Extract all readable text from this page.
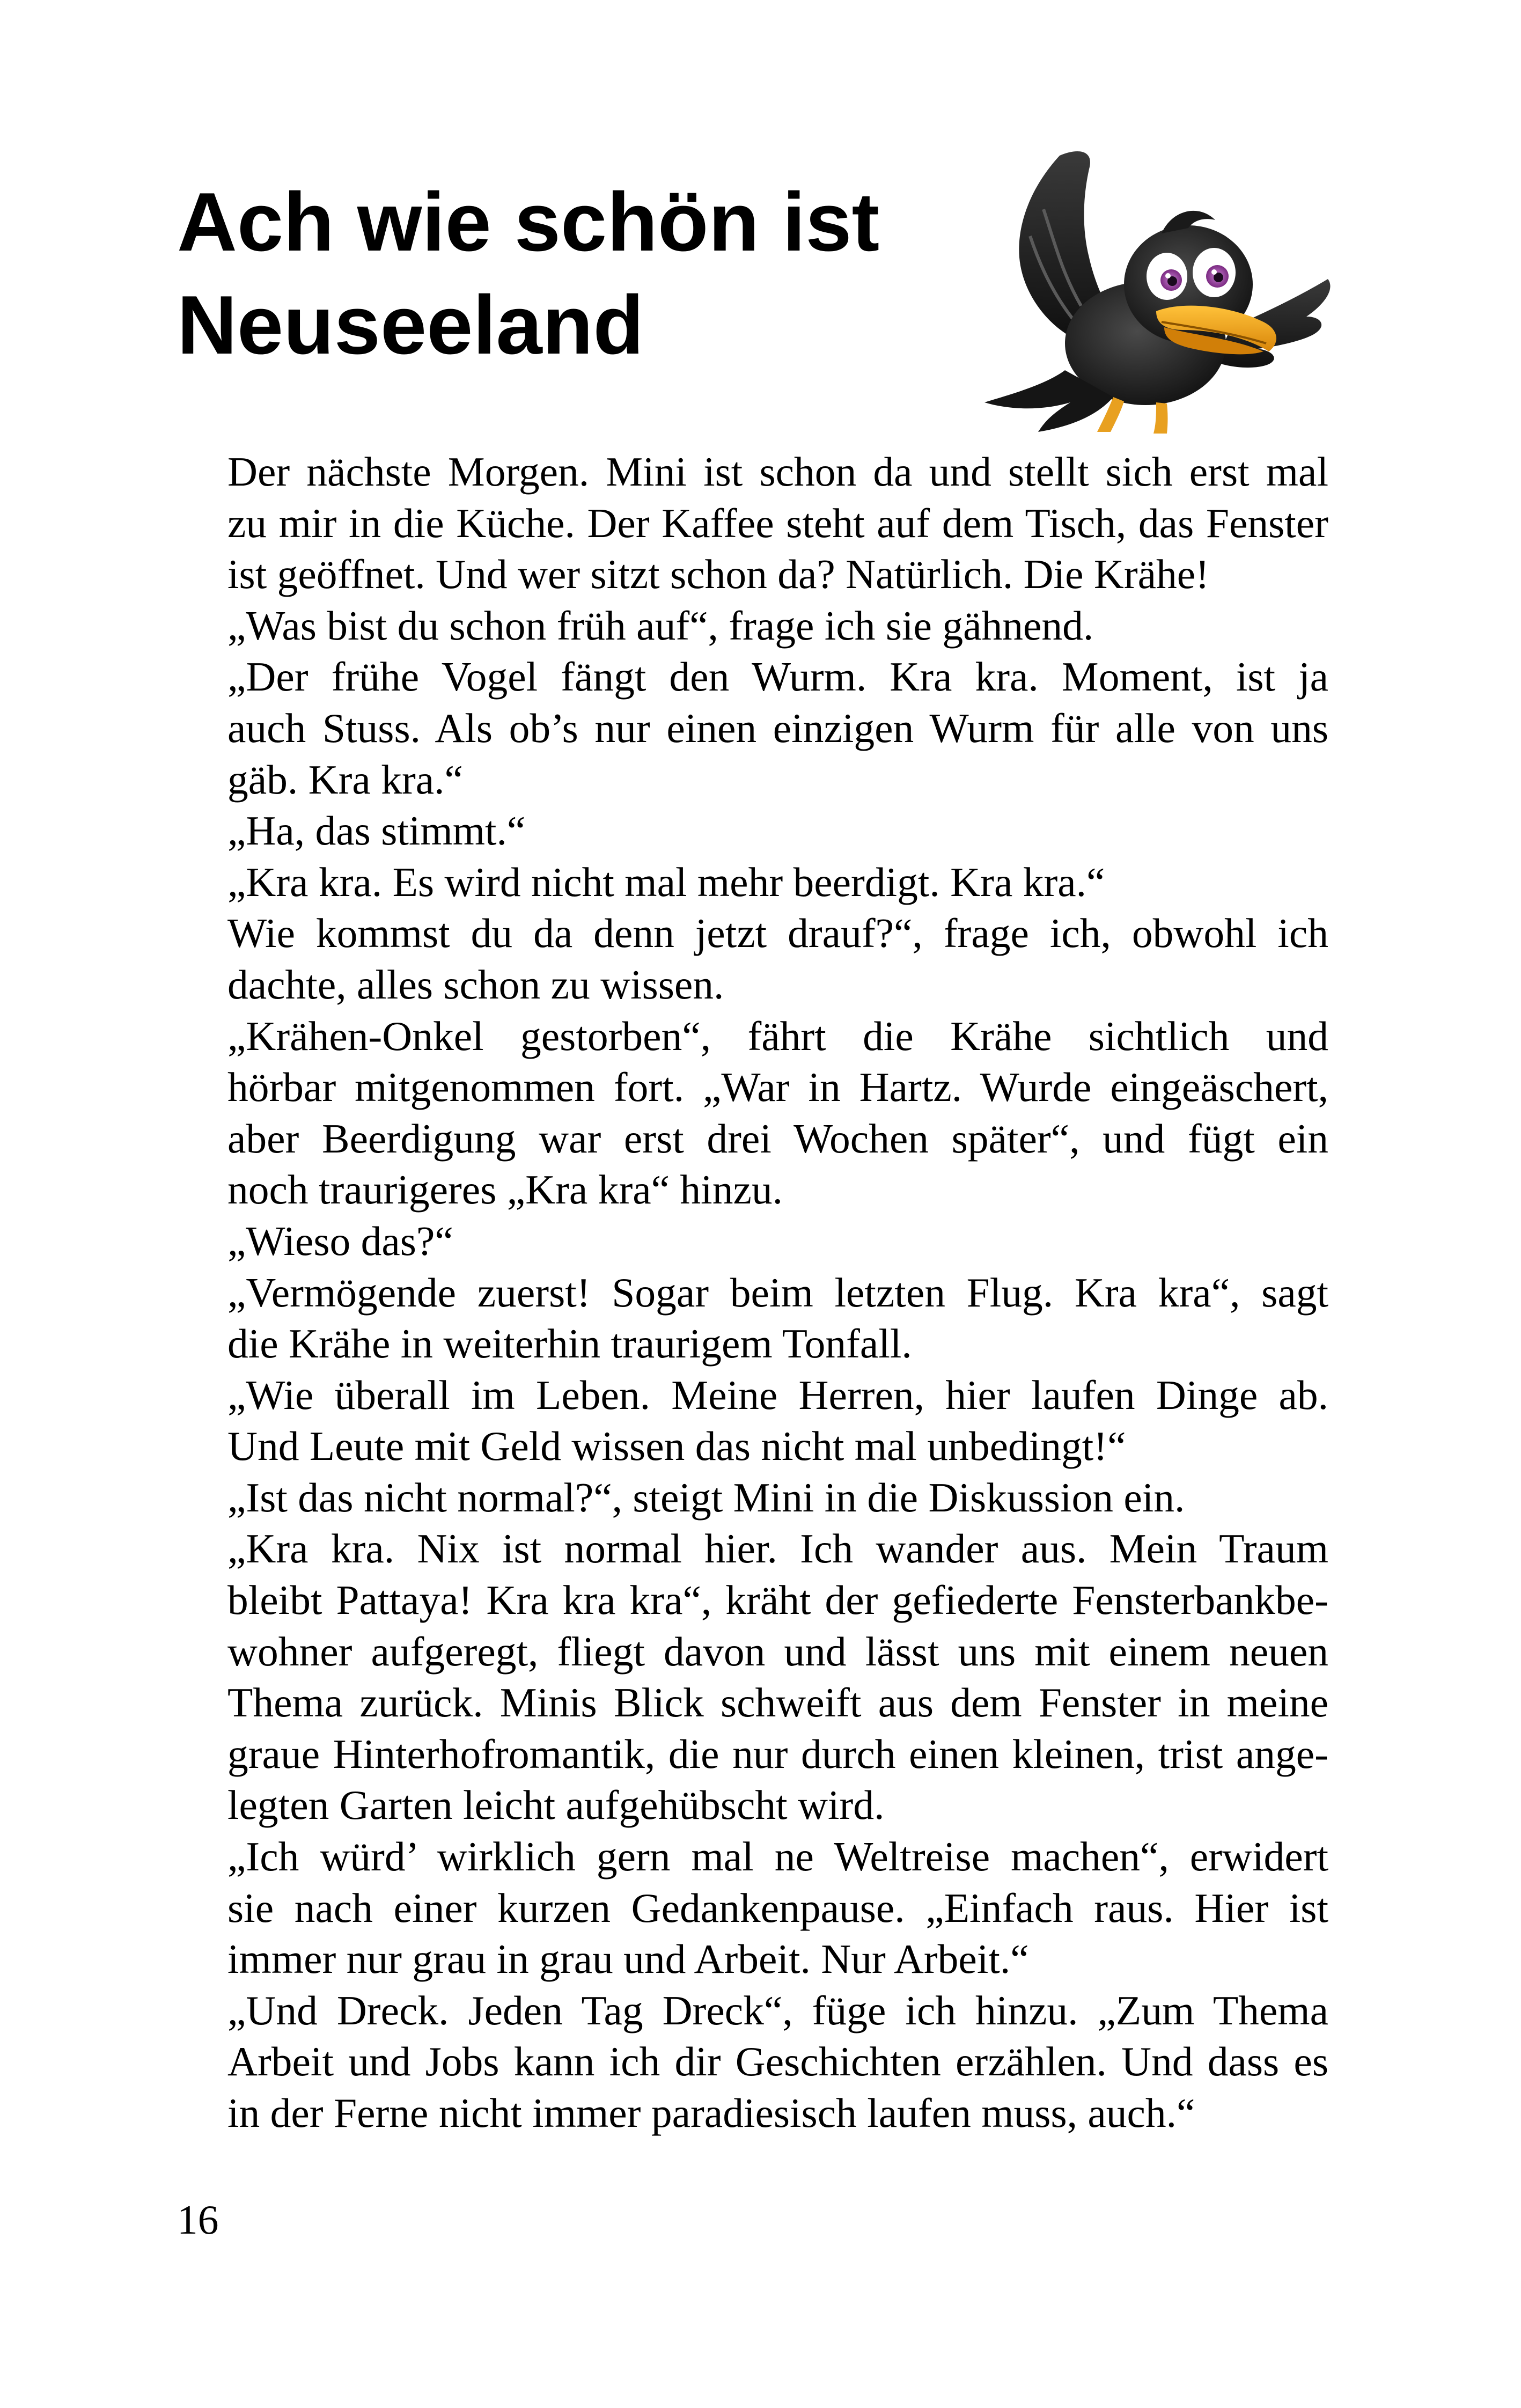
Ach wie schön ist
Neuseeland

Der nächste Morgen. Mini ist schon da und stellt sich erst mal
zu mir in die Küche. Der Kaffee steht auf dem Tisch, das Fenster
ist geöffnet. Und wer sitzt schon da? Natürlich. Die Krähe!

„Was bist du schon früh auf“, frage ich sie gähnend.

„Der frühe Vogel fängt den Wurm. Kra kra. Moment, ist ja
auch Stuss. Als ob’s nur einen einzigen Wurm für alle von uns
gäb. Kra kra.“

„Ha, das stimmt.“

„Kra kra. Es wird nicht mal mehr beerdigt. Kra kra.“

Wie kommst du da denn jetzt drauf?“, frage ich, obwohl ich
dachte, alles schon zu wissen.

„Krähen-Onkel gestorben“, fährt die Krähe sichtlich und
hörbar mitgenommen fort. „War in Hartz. Wurde eingeäschert,
aber Beerdigung war erst drei Wochen später“, und fügt ein
noch traurigeres „Kra kra“ hinzu.

„Wieso das?“

„Vermögende zuerst! Sogar beim letzten Flug. Kra kra“, sagt
die Krähe in weiterhin traurigem Tonfall.

„Wie überall im Leben. Meine Herren, hier laufen Dinge ab.
Und Leute mit Geld wissen das nicht mal unbedingt!“

„Ist das nicht normal?“, steigt Mini in die Diskussion ein.

„Kra kra. Nix ist normal hier. Ich wander aus. Mein Traum
bleibt Pattaya! Kra kra kra“, kräht der gefiederte Fensterbankbe-
wohner aufgeregt, fliegt davon und lässt uns mit einem neuen
Thema zurück. Minis Blick schweift aus dem Fenster in meine
graue Hinterhofromantik, die nur durch einen kleinen, trist ange-
legten Garten leicht aufgehübscht wird.

„Ich würd’ wirklich gern mal ne Weltreise machen“, erwidert
sie nach einer kurzen Gedankenpause. „Einfach raus. Hier ist
immer nur grau in grau und Arbeit. Nur Arbeit.“

„Und Dreck. Jeden Tag Dreck“, füge ich hinzu. „Zum Thema
Arbeit und Jobs kann ich dir Geschichten erzählen. Und dass es
in der Ferne nicht immer paradiesisch laufen muss, auch.“

16
